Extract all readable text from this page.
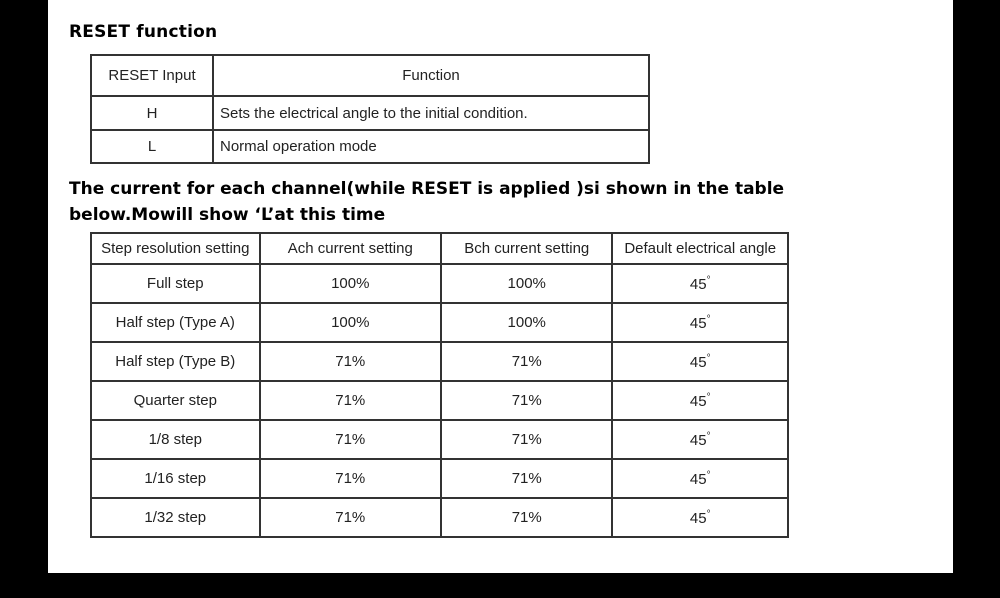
RESET function
RESET Input	Function
H	Sets the electrical angle to the initial condition.
L	Normal operation mode
The current for each channel(while RESET is applied )si shown in the table
below.Mowill show ‘L’at this time
Step resolution setting	Ach current setting	Bch current setting	Default electrical angle
Full step	100%	100%	45°
Half step (Type A)	100%	100%	45°
Half step (Type B)	71%	71%	45°
Quarter step	71%	71%	45°
1/8 step	71%	71%	45°
1/16 step	71%	71%	45°
1/32 step	71%	71%	45°
